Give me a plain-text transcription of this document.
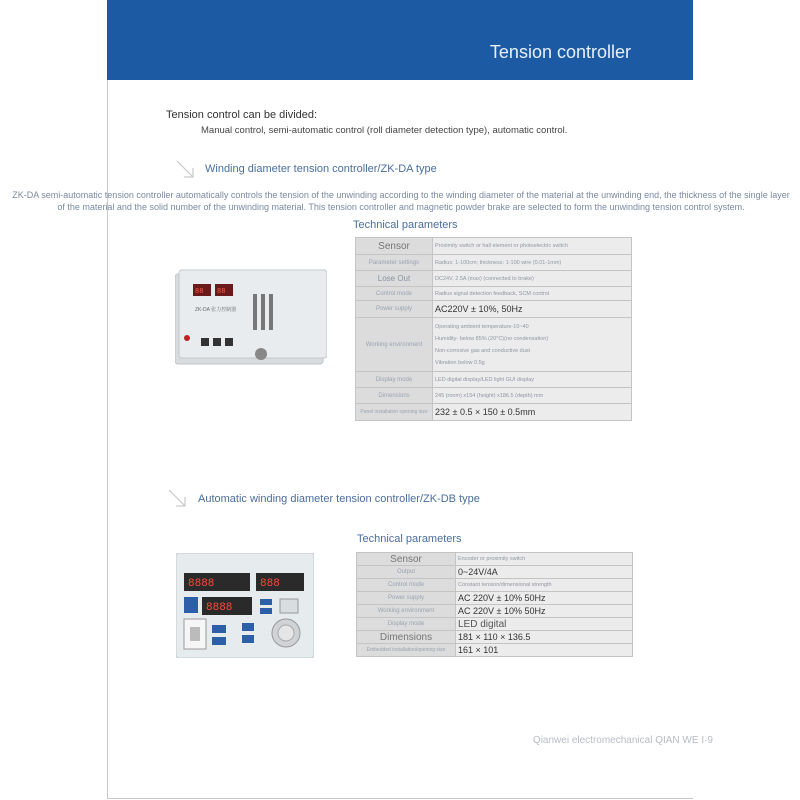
Tension controller
Tension control can be divided:
Manual control, semi-automatic control (roll diameter detection type), automatic control.
Winding diameter tension controller/ZK-DA type
ZK-DA semi-automatic tension controller automatically controls the tension of the unwinding according to the winding diameter of the material at the unwinding end, the thickness of the single layer of the material and the solid number of the unwinding material. This tension controller and magnetic powder brake are selected to form the unwinding tension control system.
Technical parameters
88 88
ZK-DA 张力控制器
Sensor	Proximity switch or hall element or photoelectric switch
Parameter settings	Radius: 1-100cm; thickness: 1-100 wire (0.01-1mm)
Lose Out	DC24V, 2.5A (max) (connected to brake)
Control mode	Radius signal detection feedback, SCM control
Power supply	AC220V ± 10%, 50Hz
Working environment	Operating ambient temperature-10~40
Humidity- below 85% (20°C)(no condensation)
Non-corrosive gas and conductive dust
Vibration below 0.5g

Display mode	LED digital display/LED light GUI display
Dimensions	245 (room) x154 (height) x186.5 (depth) mm
Panel installation opening size	232 ± 0.5 × 150 ± 0.5mm
Automatic winding diameter tension controller/ZK-DB type
Technical parameters
8888	888
8888
Sensor	Encoder or proximity switch
Output	0~24V/4A
Control mode	Constant tension/dimensional strength
Power supply	AC 220V ± 10% 50Hz
Working environment	AC 220V ± 10% 50Hz
Display mode	LED digital
Dimensions	181 × 110 × 136.5
Embedded installation/opening size	161 × 101
Qianwei electromechanical QIAN WE I·9
